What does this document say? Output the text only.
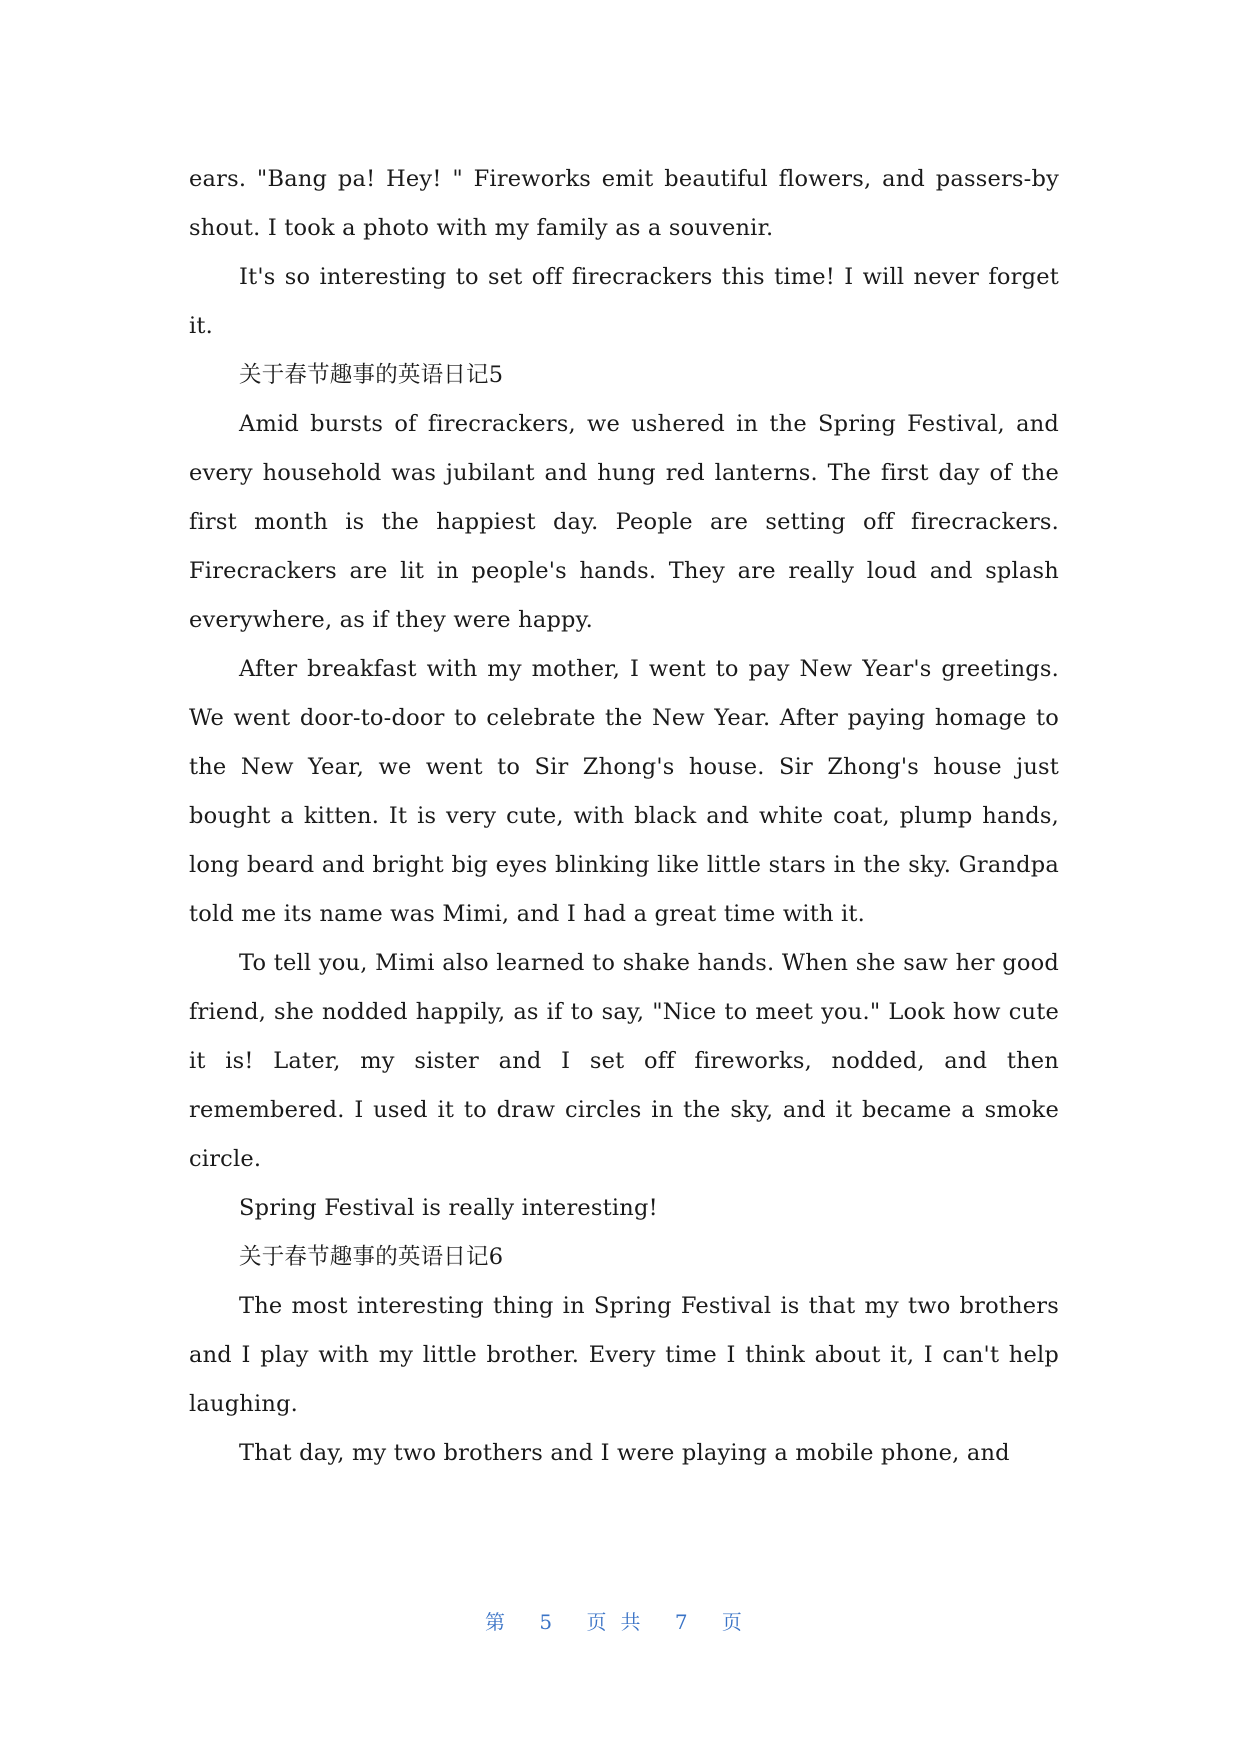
ears. "Bang pa! Hey! " Fireworks emit beautiful flowers, and passers-by shout. I took a photo with my family as a souvenir.

It's so interesting to set off firecrackers this time! I will never forget it.

关于春节趣事的英语日记5

Amid bursts of firecrackers, we ushered in the Spring Festival, and every household was jubilant and hung red lanterns. The first day of the first month is the happiest day. People are setting off firecrackers. Firecrackers are lit in people's hands. They are really loud and splash everywhere, as if they were happy.

After breakfast with my mother, I went to pay New Year's greetings. We went door-to-door to celebrate the New Year. After paying homage to the New Year, we went to Sir Zhong's house. Sir Zhong's house just bought a kitten. It is very cute, with black and white coat, plump hands, long beard and bright big eyes blinking like little stars in the sky. Grandpa told me its name was Mimi, and I had a great time with it.

To tell you, Mimi also learned to shake hands. When she saw her good friend, she nodded happily, as if to say, "Nice to meet you." Look how cute it is! Later, my sister and I set off fireworks, nodded, and then remembered. I used it to draw circles in the sky, and it became a smoke circle.

Spring Festival is really interesting!

关于春节趣事的英语日记6

The most interesting thing in Spring Festival is that my two brothers and I play with my little brother. Every time I think about it, I can't help laughing.

That day, my two brothers and I were playing a mobile phone, and

第 5 页共 7 页
